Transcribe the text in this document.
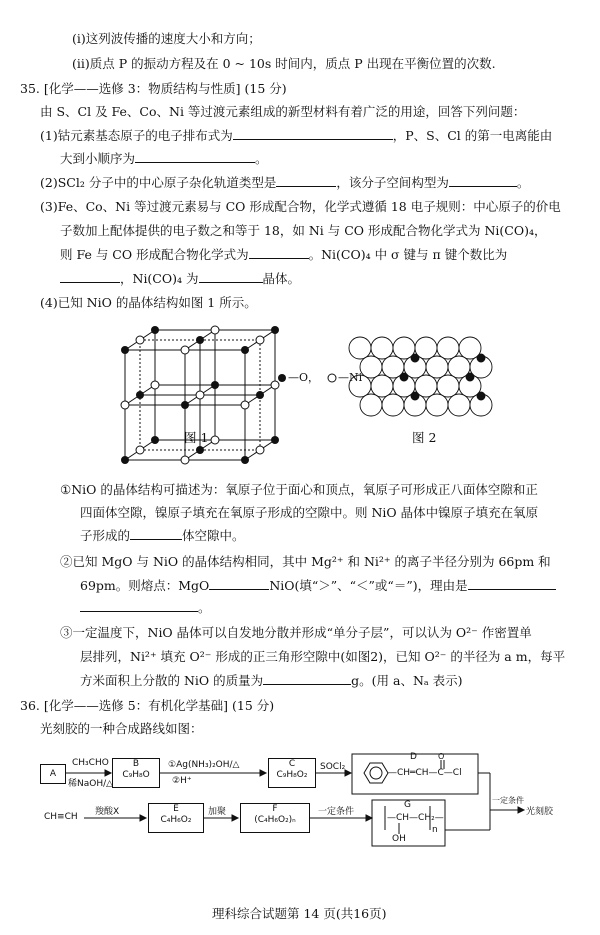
(ⅰ)这列波传播的速度大小和方向；
(ⅱ)质点 P 的振动方程及在 0 ~ 10s 时间内，质点 P 出现在平衡位置的次数.
35. [化学——选修 3：物质结构与性质] (15 分)
由 S、Cl 及 Fe、Co、Ni 等过渡元素组成的新型材料有着广泛的用途，回答下列问题：
(1)钴元素基态原子的电子排布式为	，P、S、Cl 的第一电离能由
大到小顺序为	。
(2)SCl₂ 分子中的中心原子杂化轨道类型是	，该分子空间构型为	。
(3)Fe、Co、Ni 等过渡元素易与 CO 形成配合物，化学式遵循 18 电子规则：中心原子的价电
子数加上配体提供的电子数之和等于 18，如 Ni 与 CO 形成配合物化学式为 Ni(CO)₄，
则 Fe 与 CO 形成配合物化学式为	。Ni(CO)₄ 中 σ 键与 π 键个数比为
，Ni(CO)₄ 为	晶体。
(4)已知 NiO 的晶体结构如图 1 所示。
图 1
—O， —Ni
图 2
①NiO 的晶体结构可描述为：氧原子位于面心和顶点，氧原子可形成正八面体空隙和正
四面体空隙，镍原子填充在氧原子形成的空隙中。则 NiO 晶体中镍原子填充在氧原
子形成的	体空隙中。
②已知 MgO 与 NiO 的晶体结构相同，其中 Mg²⁺ 和 Ni²⁺ 的离子半径分别为 66pm 和
69pm。则熔点：MgO	NiO(填“＞”、“＜”或“＝”)，理由是
。
③一定温度下，NiO 晶体可以自发地分散并形成“单分子层”，可以认为 O²⁻ 作密置单
层排列，Ni²⁺ 填充 O²⁻ 形成的正三角形空隙中(如图2)，已知 O²⁻ 的半径为 a m，每平
方米面积上分散的 NiO 的质量为	g。(用 a、Nₐ 表示)
36. [化学——选修 5：有机化学基础] (15 分)
光刻胶的一种合成路线如图：
A
CH₃CHO
稀NaOH/△
B
C₉H₈O
①Ag(NH₃)₂OH/△
②H⁺
C
C₉H₈O₂
SOCl₂
D	O
—CH═CH—C—Cl
一定条件
光刻胶
CH≡CH 羧酸X	E
C₄H₆O₂
加聚	F
(C₄H₆O₂)ₙ
一定条件
G
—CH—CH₂—
OH
n
理科综合试题第 14 页(共16页)
